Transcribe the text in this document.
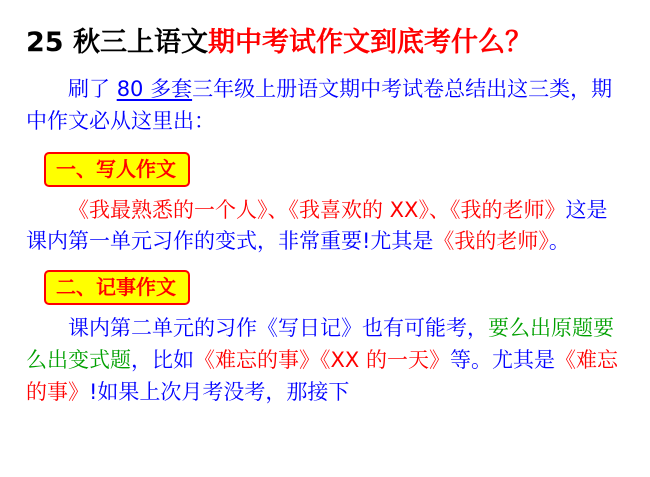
25 秋三上语文期中考试作文到底考什么？

刷了 80 多套三年级上册语文期中考试卷总结出这三类，期中作文必从这里出：

一、写人作文

《我最熟悉的一个人》、《我喜欢的 XX》、《我的老师》这是课内第一单元习作的变式，非常重要!尤其是《我的老师》。

二、记事作文

课内第二单元的习作《写日记》也有可能考，要么出原题要么出变式题，比如《难忘的事》《XX 的一天》等。尤其是《难忘的事》!如果上次月考没考，那接下
